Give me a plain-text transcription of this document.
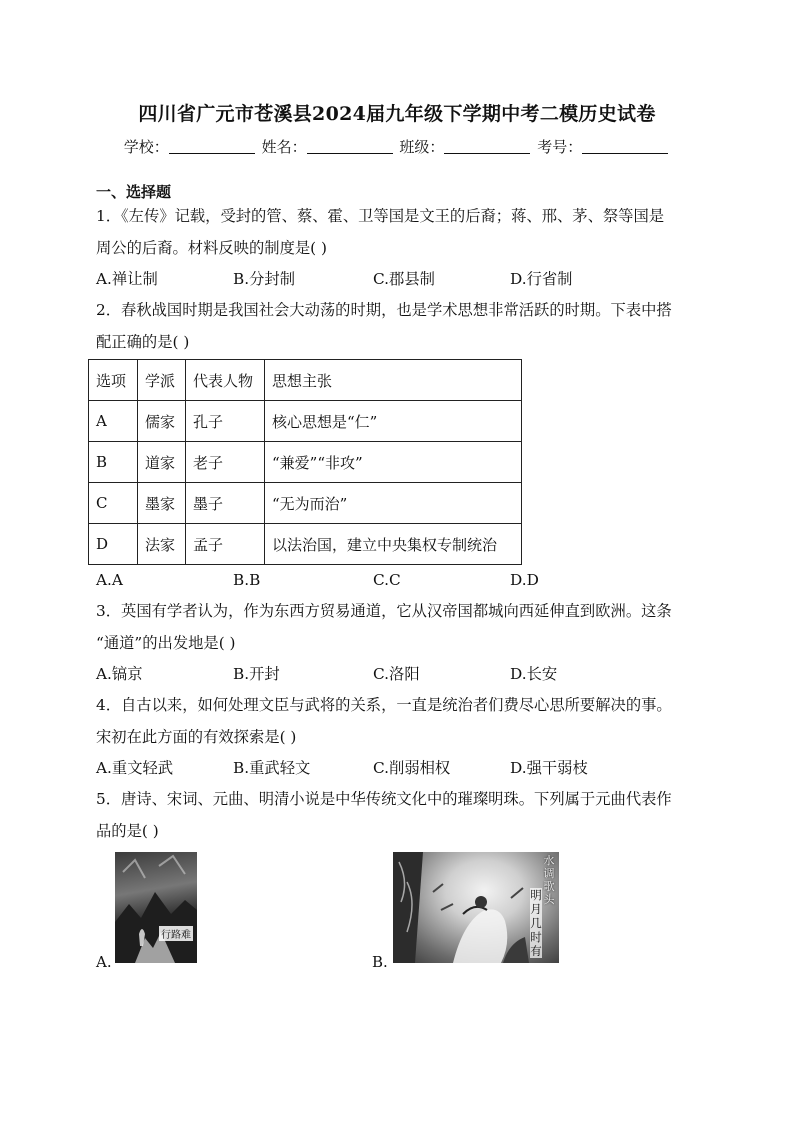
四川省广元市苍溪县2024届九年级下学期中考二模历史试卷
学校：	姓名：	班级：	考号：
一、选择题
1．《左传》记载，受封的管、蔡、霍、卫等国是文王的后裔；蒋、邢、茅、祭等国是
周公的后裔。材料反映的制度是( )
A.禅让制	B.分封制	C.郡县制	D.行省制
2．春秋战国时期是我国社会大动荡的时期，也是学术思想非常活跃的时期。下表中搭
配正确的是( )
选项	学派	代表人物	思想主张
A	儒家	孔子	核心思想是“仁”
B	道家	老子	“兼爱”“非攻”
C	墨家	墨子	“无为而治”
D	法家	孟子	以法治国，建立中央集权专制统治
A.A	B.B	C.C	D.D
3．英国有学者认为，作为东西方贸易通道，它从汉帝国都城向西延伸直到欧洲。这条
“通道”的出发地是( )
A.镐京	B.开封	C.洛阳	D.长安
4．自古以来，如何处理文臣与武将的关系，一直是统治者们费尽心思所要解决的事。
宋初在此方面的有效探索是( )
A.重文轻武	B.重武轻文	C.削弱相权	D.强干弱枝
5．唐诗、宋词、元曲、明清小说是中华传统文化中的璀璨明珠。下列属于元曲代表作
品的是( )
A.
行路难
B.
水调歌头
明月几时有
